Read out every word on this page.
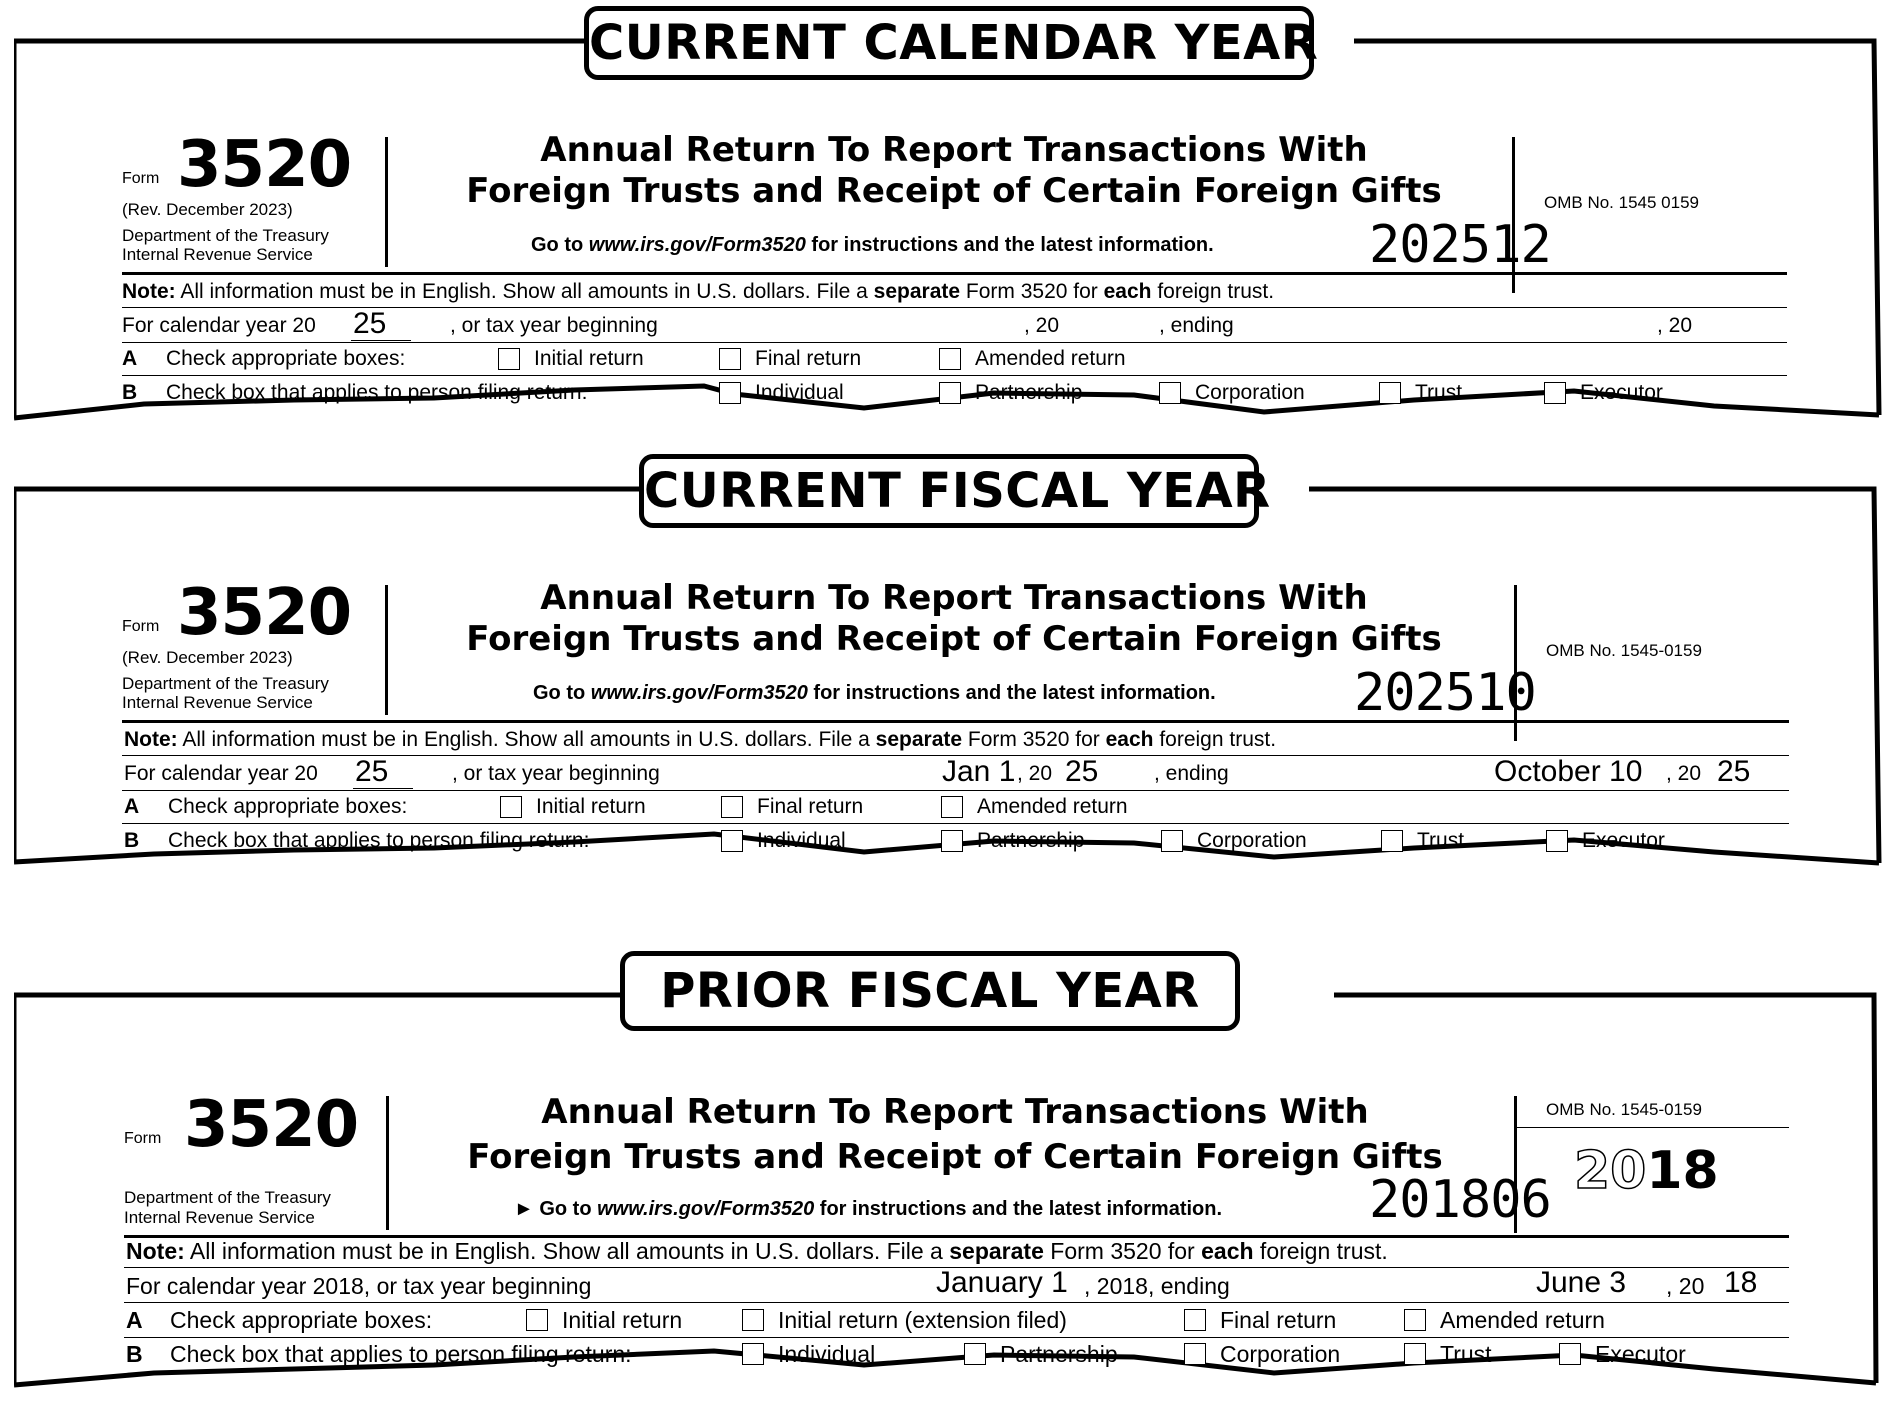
CURRENT CALENDAR YEAR
Form 3520
(Rev. December 2023)
Department of the Treasury
Internal Revenue Service
Annual Return To Report Transactions With
Foreign Trusts and Receipt of Certain Foreign Gifts
Go to www.irs.gov/Form3520 for instructions and the latest information.
OMB No. 1545 0159
202512
Note: All information must be in English. Show all amounts in U.S. dollars. File a separate Form 3520 for each foreign trust.
For calendar year 20 25	, or tax year beginning	, 20	, ending	, 20
A Check appropriate boxes:	Initial return	Final return	Amended return
B Check box that applies to person filing return:	Individual	Partnership	Corporation	Trust	Executor
CURRENT FISCAL YEAR
Form 3520
(Rev. December 2023)
Department of the Treasury
Internal Revenue Service
Annual Return To Report Transactions With
Foreign Trusts and Receipt of Certain Foreign Gifts
Go to www.irs.gov/Form3520 for instructions and the latest information.
OMB No. 1545-0159
202510
Note: All information must be in English. Show all amounts in U.S. dollars. File a separate Form 3520 for each foreign trust.
For calendar year 20 25	, or tax year beginning	Jan 1 , 20 25	, ending	October 10 , 20 25
A Check appropriate boxes:	Initial return	Final return	Amended return
B Check box that applies to person filing return:	Individual	Partnership	Corporation	Trust	Executor
PRIOR FISCAL YEAR
Form 3520
Department of the Treasury
Internal Revenue Service
Annual Return To Report Transactions With
Foreign Trusts and Receipt of Certain Foreign Gifts
► Go to www.irs.gov/Form3520 for instructions and the latest information.
OMB No. 1545-0159
2018
201806
Note: All information must be in English. Show all amounts in U.S. dollars. File a separate Form 3520 for each foreign trust.
For calendar year 2018, or tax year beginning	January 1 , 2018, ending	June 3 , 20 18
A Check appropriate boxes:	Initial return	Initial return (extension filed)	Final return	Amended return
B Check box that applies to person filing return:	Individual	Partnership	Corporation	Trust	Executor
